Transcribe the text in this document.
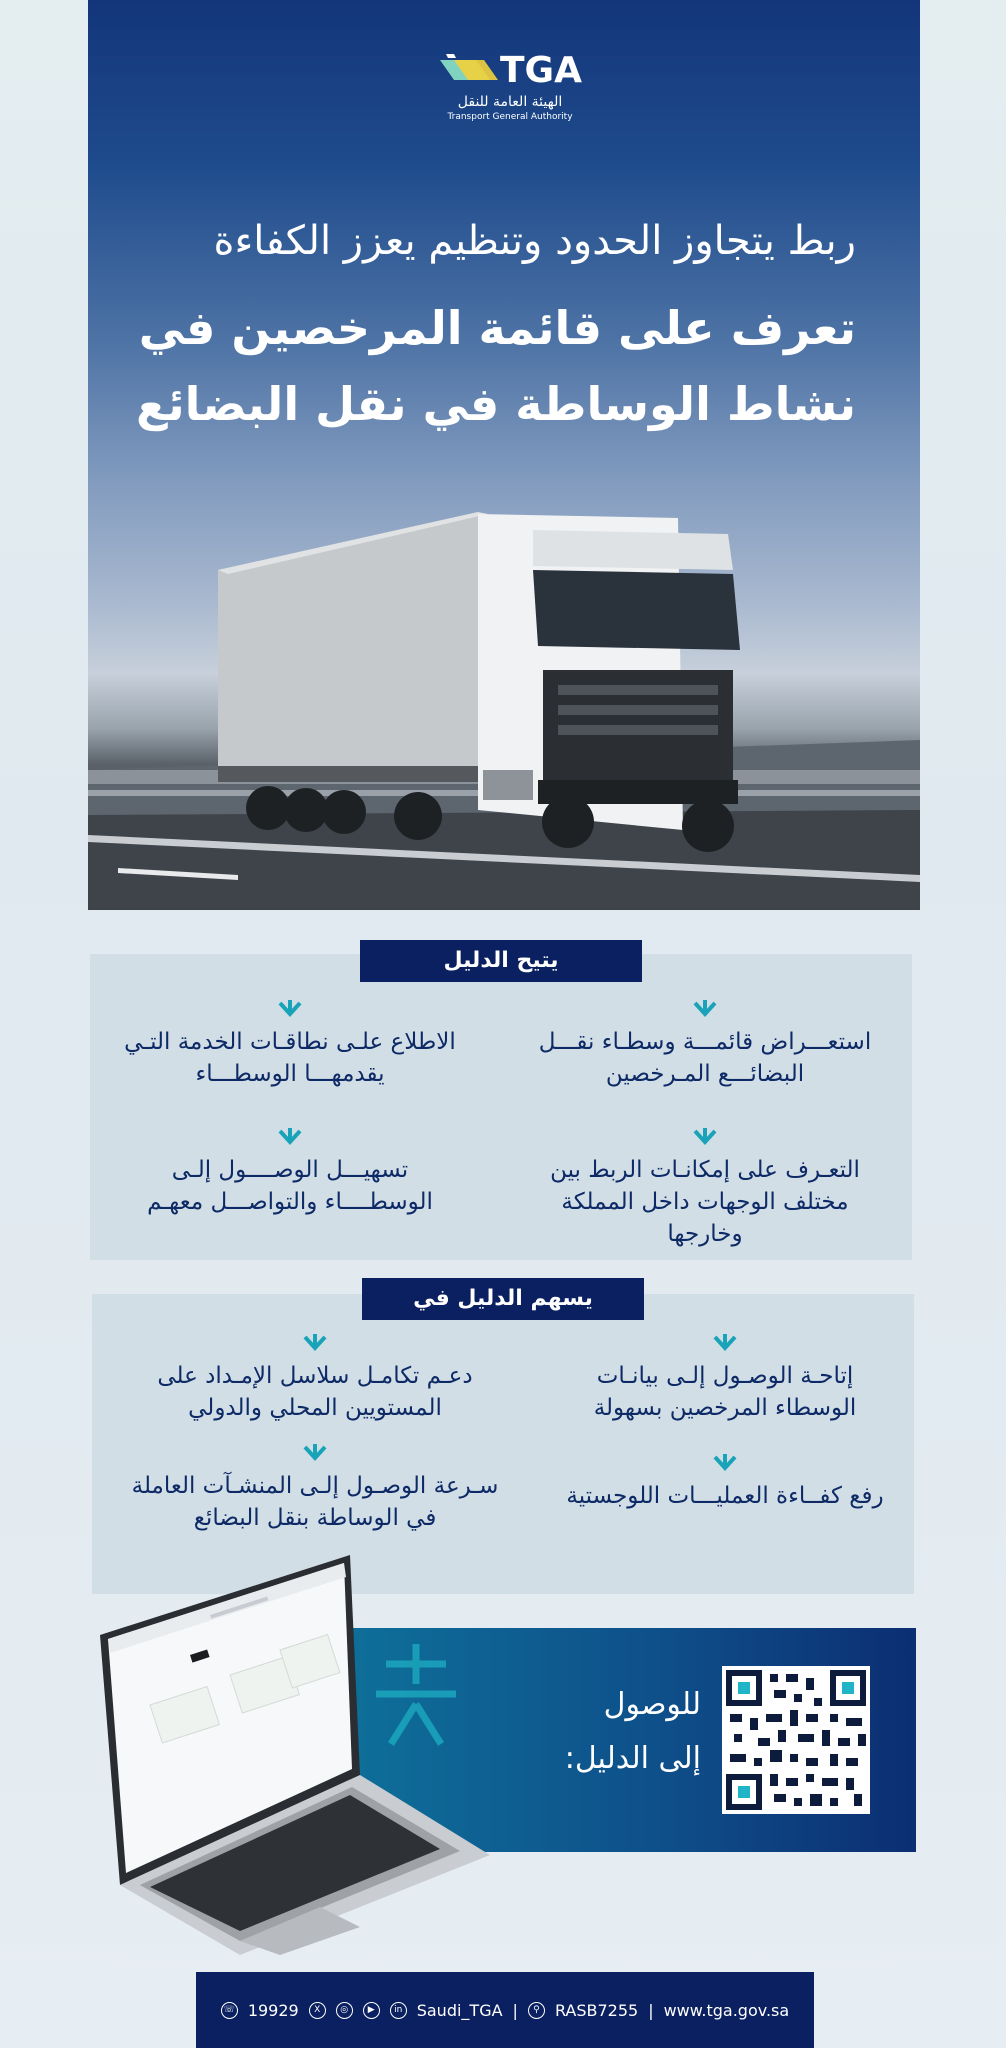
TGA
الهيئة العامة للنقل
Transport General Authority
ربط يتجاوز الحدود وتنظيم يعزز الكفاءة
تعرف على قائمة المرخصين في
نشاط الوساطة في نقل البضائع
يتيح الدليل
استعـــراض قائمـــة وسطـاء نقـــل البضائـــع المـرخصين
الاطلاع علـى نطاقـات الخدمة التـي يقدمهـــا الوسطـــاء
التعـرف على إمكانـات الربط بين مختلف الوجهات داخل المملكة وخارجها
تسهيـــل الوصــــول إلـى الوسطــــاء والتواصـــل معهـم
يسهم الدليل في
إتاحـة الوصـول إلـى بيانـات الوسطاء المرخصين بسهولة
دعـم تكامـل سلاسل الإمـداد على المستويين المحلي والدولي
رفع كفــاءة العمليـــات اللوجستية
سـرعة الوصـول إلـى المنشـآت العاملة في الوساطة بنقل البضائع
للوصول
إلى الدليل:
☏ 19929	X	◎	▶	in Saudi_TGA |	⚲ RASB7255 | www.tga.gov.sa
